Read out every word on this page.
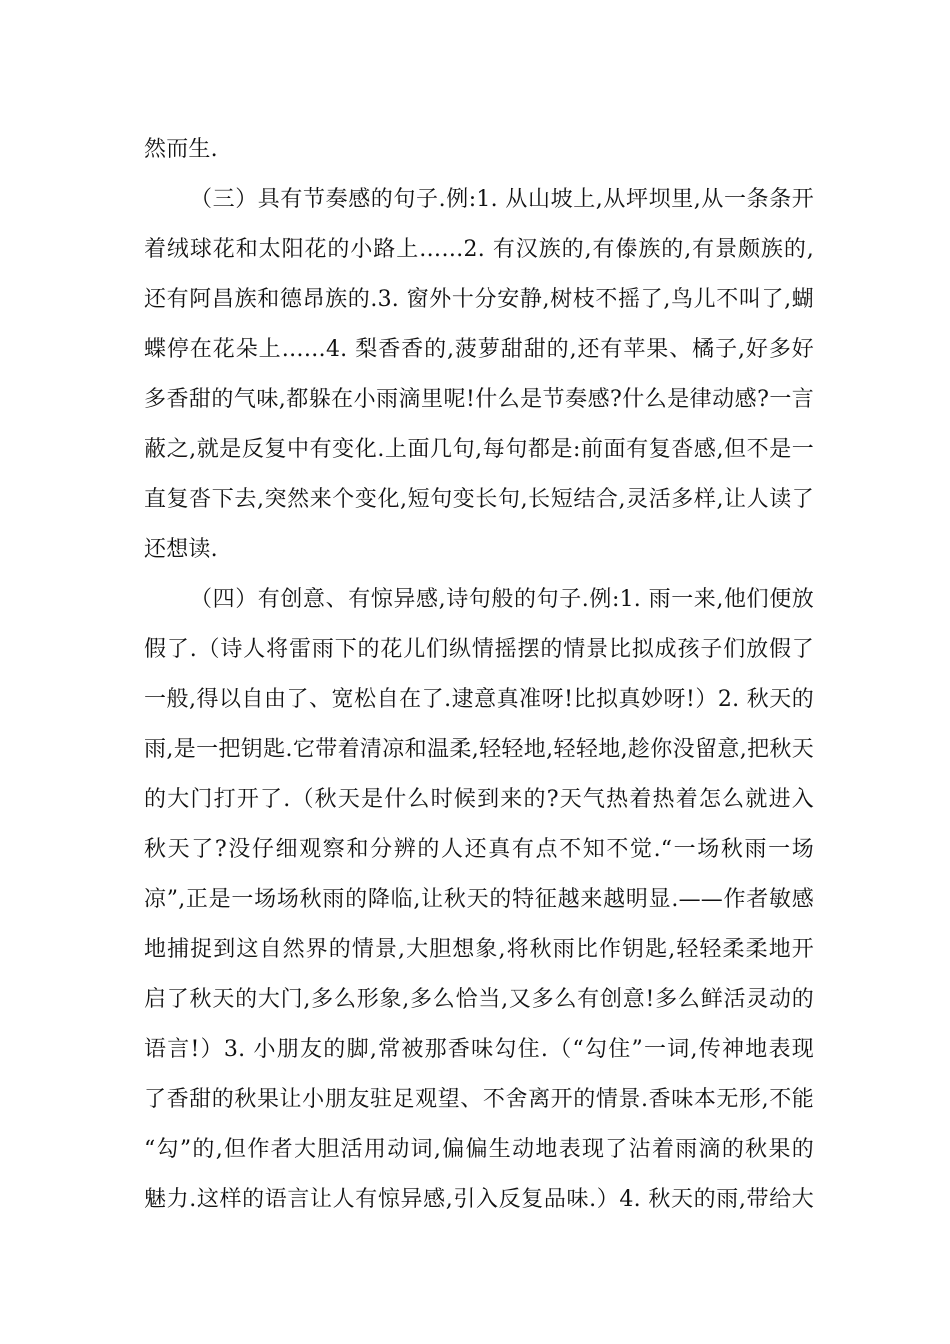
然而生.
（三）具有节奏感的句子.例:1. 从山坡上,从坪坝里,从一条条开
着绒球花和太阳花的小路上……2. 有汉族的,有傣族的,有景颇族的,
还有阿昌族和德昂族的.3. 窗外十分安静,树枝不摇了,鸟儿不叫了,蝴
蝶停在花朵上……4. 梨香香的,菠萝甜甜的,还有苹果、橘子,好多好
多香甜的气味,都躲在小雨滴里呢!什么是节奏感?什么是律动感?一言
蔽之,就是反复中有变化.上面几句,每句都是:前面有复沓感,但不是一
直复沓下去,突然来个变化,短句变长句,长短结合,灵活多样,让人读了
还想读.
（四）有创意、有惊异感,诗句般的句子.例:1. 雨一来,他们便放
假了.（诗人将雷雨下的花儿们纵情摇摆的情景比拟成孩子们放假了
一般,得以自由了、宽松自在了.逮意真准呀!比拟真妙呀!）2. 秋天的
雨,是一把钥匙.它带着清凉和温柔,轻轻地,轻轻地,趁你没留意,把秋天
的大门打开了.（秋天是什么时候到来的?天气热着热着怎么就进入
秋天了?没仔细观察和分辨的人还真有点不知不觉.“一场秋雨一场
凉”,正是一场场秋雨的降临,让秋天的特征越来越明显.——作者敏感
地捕捉到这自然界的情景,大胆想象,将秋雨比作钥匙,轻轻柔柔地开
启了秋天的大门,多么形象,多么恰当,又多么有创意!多么鲜活灵动的
语言!）3. 小朋友的脚,常被那香味勾住.（“勾住”一词,传神地表现
了香甜的秋果让小朋友驻足观望、不舍离开的情景.香味本无形,不能
“勾”的,但作者大胆活用动词,偏偏生动地表现了沾着雨滴的秋果的
魅力.这样的语言让人有惊异感,引入反复品味.）4. 秋天的雨,带给大
